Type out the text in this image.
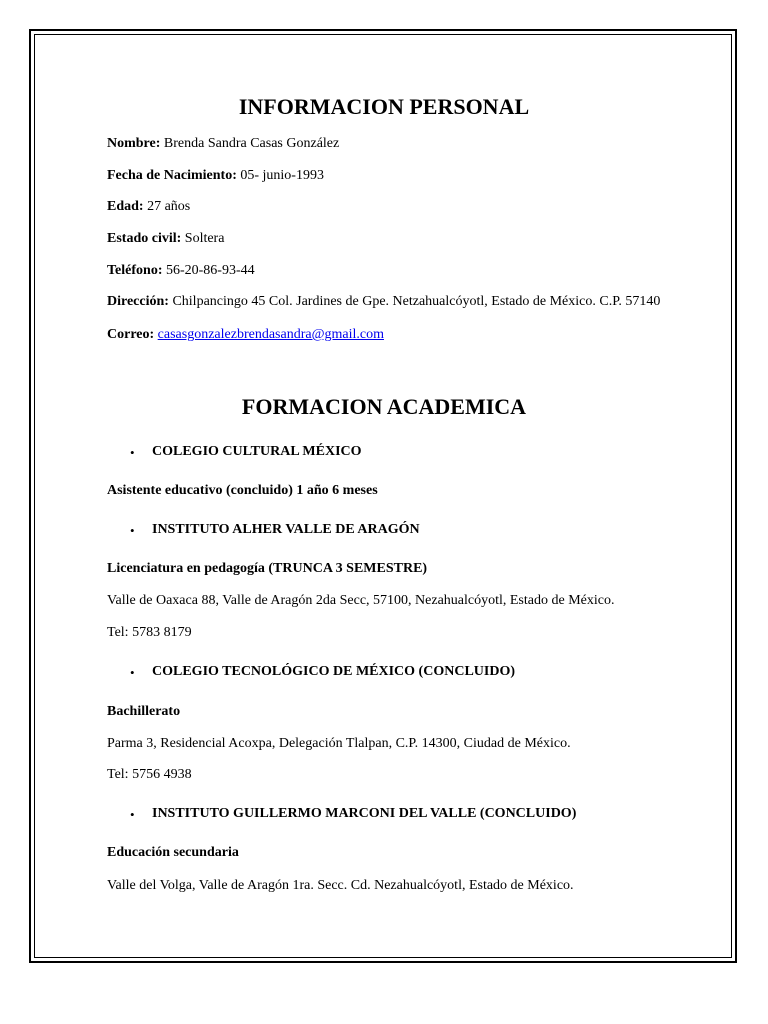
INFORMACION PERSONAL
Nombre: Brenda Sandra Casas González
Fecha de Nacimiento: 05- junio-1993
Edad: 27 años
Estado civil: Soltera
Teléfono: 56-20-86-93-44
Dirección: Chilpancingo 45 Col. Jardines de Gpe. Netzahualcóyotl, Estado de México. C.P. 57140
Correo: casasgonzalezbrendasandra@gmail.com
FORMACION ACADEMICA
• COLEGIO CULTURAL MÉXICO
Asistente educativo (concluido) 1 año 6 meses
• INSTITUTO ALHER VALLE DE ARAGÓN
Licenciatura en pedagogía (TRUNCA 3 SEMESTRE)
Valle de Oaxaca 88, Valle de Aragón 2da Secc, 57100, Nezahualcóyotl, Estado de México.
Tel: 5783 8179
• COLEGIO TECNOLÓGICO DE MÉXICO (CONCLUIDO)
Bachillerato
Parma 3, Residencial Acoxpa, Delegación Tlalpan, C.P. 14300, Ciudad de México.
Tel: 5756 4938
• INSTITUTO GUILLERMO MARCONI DEL VALLE (CONCLUIDO)
Educación secundaria
Valle del Volga, Valle de Aragón 1ra. Secc. Cd. Nezahualcóyotl, Estado de México.
